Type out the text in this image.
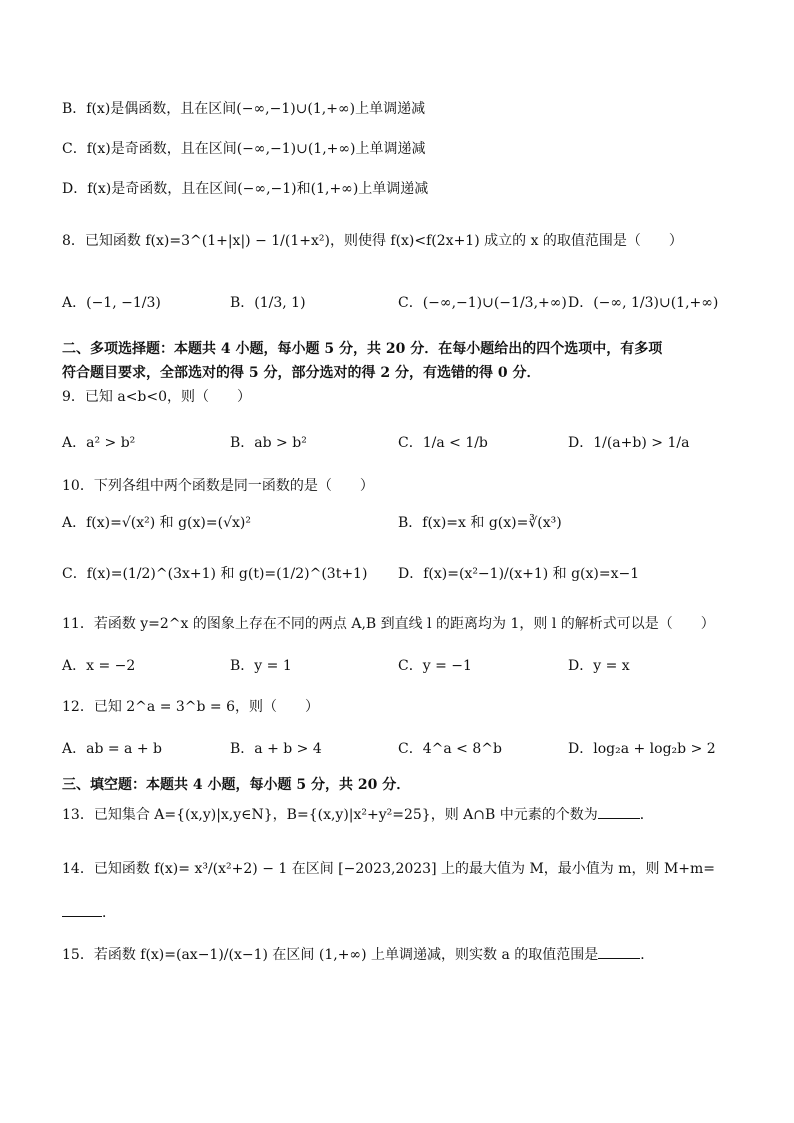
B．f(x)是偶函数，且在区间(−∞,−1)∪(1,+∞)上单调递减
C．f(x)是奇函数，且在区间(−∞,−1)∪(1,+∞)上单调递减
D．f(x)是奇函数，且在区间(−∞,−1)和(1,+∞)上单调递减
8．已知函数 f(x)=3^(1+|x|) − 1/(1+x²)，则使得 f(x)<f(2x+1) 成立的 x 的取值范围是（　　）
A．(−1, −1/3)	B．(1/3, 1)	C．(−∞,−1)∪(−1/3,+∞) D．(−∞, 1/3)∪(1,+∞)
二、多项选择题：本题共 4 小题，每小题 5 分，共 20 分．在每小题给出的四个选项中，有多项
符合题目要求，全部选对的得 5 分，部分选对的得 2 分，有选错的得 0 分．
9．已知 a<b<0，则（　　）
A．a² > b²	B．ab > b²	C．1/a < 1/b	D．1/(a+b) > 1/a
10．下列各组中两个函数是同一函数的是（　　）
A．f(x)=√(x²) 和 g(x)=(√x)²	B．f(x)=x 和 g(x)=∛(x³)
C．f(x)=(1/2)^(3x+1) 和 g(t)=(1/2)^(3t+1) D．f(x)=(x²−1)/(x+1) 和 g(x)=x−1
11．若函数 y=2^x 的图象上存在不同的两点 A,B 到直线 l 的距离均为 1，则 l 的解析式可以是（　　）
A．x = −2	B．y = 1	C．y = −1	D．y = x
12．已知 2^a = 3^b = 6，则（　　）
A．ab = a + b	B．a + b > 4	C．4^a < 8^b	D．log₂a + log₂b > 2
三、填空题：本题共 4 小题，每小题 5 分，共 20 分．
13．已知集合 A={(x,y)|x,y∈N}，B={(x,y)|x²+y²=25}，则 A∩B 中元素的个数为	．
14．已知函数 f(x)= x³/(x²+2) − 1 在区间 [−2023,2023] 上的最大值为 M，最小值为 m，则 M+m=
．
15．若函数 f(x)=(ax−1)/(x−1) 在区间 (1,+∞) 上单调递减，则实数 a 的取值范围是	．
